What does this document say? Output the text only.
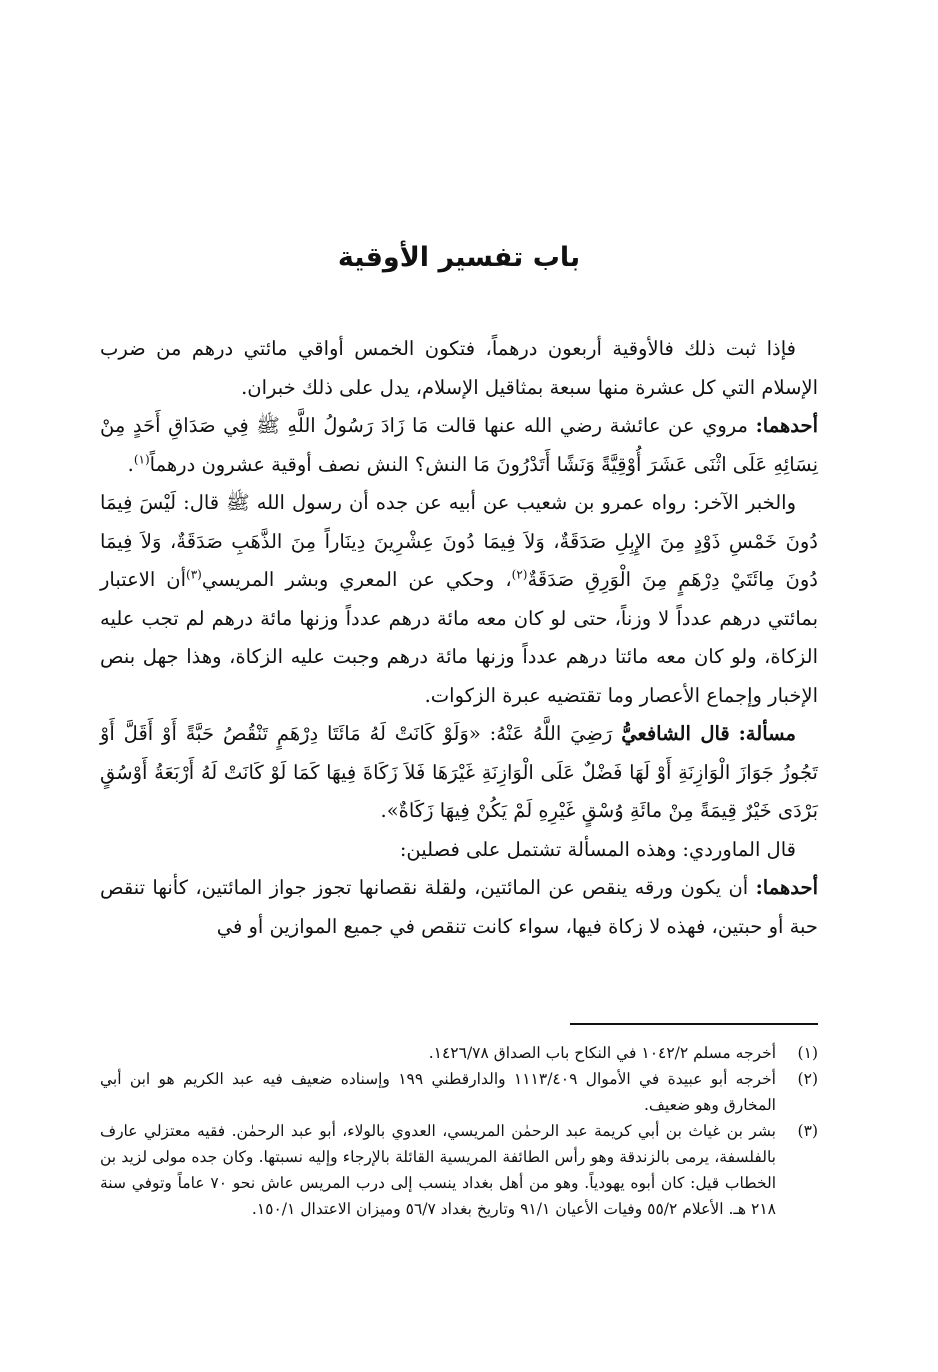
باب تفسير الأوقية

فإذا ثبت ذلك فالأوقية أربعون درهماً، فتكون الخمس أواقي مائتي درهم من ضرب الإسلام التي كل عشرة منها سبعة بمثاقيل الإسلام، يدل على ذلك خبران.

أحدهما: مروي عن عائشة رضي الله عنها قالت مَا زَادَ رَسُولُ اللَّهِ ﷺ فِي صَدَاقِ أَحَدٍ مِنْ نِسَائِهِ عَلَى اثْنَى عَشَرَ أُوْقِيَّةً وَنَشًا أَتَدْرُونَ مَا النش؟ النش نصف أوقية عشرون درهماً$^{(١)}$.

والخبر الآخر: رواه عمرو بن شعيب عن أبيه عن جده أن رسول الله ﷺ قال: لَيْسَ فِيمَا دُونَ خَمْسِ ذَوْدٍ مِنَ الإِبِلِ صَدَقَةٌ، وَلاَ فِيمَا دُونَ عِشْرِينَ دِينَاراً مِنَ الذَّهَبِ صَدَقَةٌ، وَلاَ فِيمَا دُونَ مِائَتَيْ دِرْهَمٍ مِنَ الْوَرِقِ صَدَقَةٌ$^{(٢)}$، وحكي عن المعري وبشر المريسي$^{(٣)}$أن الاعتبار بمائتي درهم عدداً لا وزناً، حتى لو كان معه مائة درهم عدداً وزنها مائة درهم لم تجب عليه الزكاة، ولو كان معه مائتا درهم عدداً وزنها مائة درهم وجبت عليه الزكاة، وهذا جهل بنص الإخبار وإجماع الأعصار وما تقتضيه عبرة الزكوات.

مسألة: قال الشافعيُّ رَضِيَ اللَّهُ عَنْهُ: «وَلَوْ كَانَتْ لَهُ مَائَتَا دِرْهَمٍ تَنْقُصُ حَبَّةً أَوْ أَقَلَّ أَوْ تَجُوزُ جَوَازَ الْوَازِنَةِ أَوْ لَهَا فَضْلٌ عَلَى الْوَازِنَةِ غَيْرَهَا فَلاَ زَكَاةَ فِيهَا كَمَا لَوْ كَانَتْ لَهُ أَرْبَعَةُ أَوْسُقٍ بَرْدَى خَيْرٌ قِيمَةً مِنْ مائَةِ وُسْقٍ غَيْرِهِ لَمْ يَكُنْ فِيهَا زَكَاةٌ».

قال الماوردي: وهذه المسألة تشتمل على فصلين:

أحدهما: أن يكون ورقه ينقص عن المائتين، ولقلة نقصانها تجوز جواز المائتين، كأنها تنقص حبة أو حبتين، فهذه لا زكاة فيها، سواء كانت تنقص في جميع الموازين أو في

(١)
أخرجه مسلم ١٠٤٢/٢ في النكاح باب الصداق ١٤٢٦/٧٨.
(٢)
أخرجه أبو عبيدة في الأموال ١١١٣/٤٠٩ والدارقطني ١٩٩ وإسناده ضعيف فيه عبد الكريم هو ابن أبي المخارق وهو ضعيف.
(٣)
بشر بن غياث بن أبي كريمة عبد الرحمٰن المريسي، العدوي بالولاء، أبو عبد الرحمٰن. فقيه معتزلي عارف بالفلسفة، يرمى بالزندقة وهو رأس الطائفة المريسية القائلة بالإرجاء وإليه نسبتها. وكان جده مولى لزيد بن الخطاب قيل: كان أبوه يهودياً. وهو من أهل بغداد ينسب إلى درب المريس عاش نحو ٧٠ عاماً وتوفي سنة ٢١٨ هـ. الأعلام ٥٥/٢ وفيات الأعيان ٩١/١ وتاريخ بغداد ٥٦/٧ وميزان الاعتدال ١٥٠/١.
